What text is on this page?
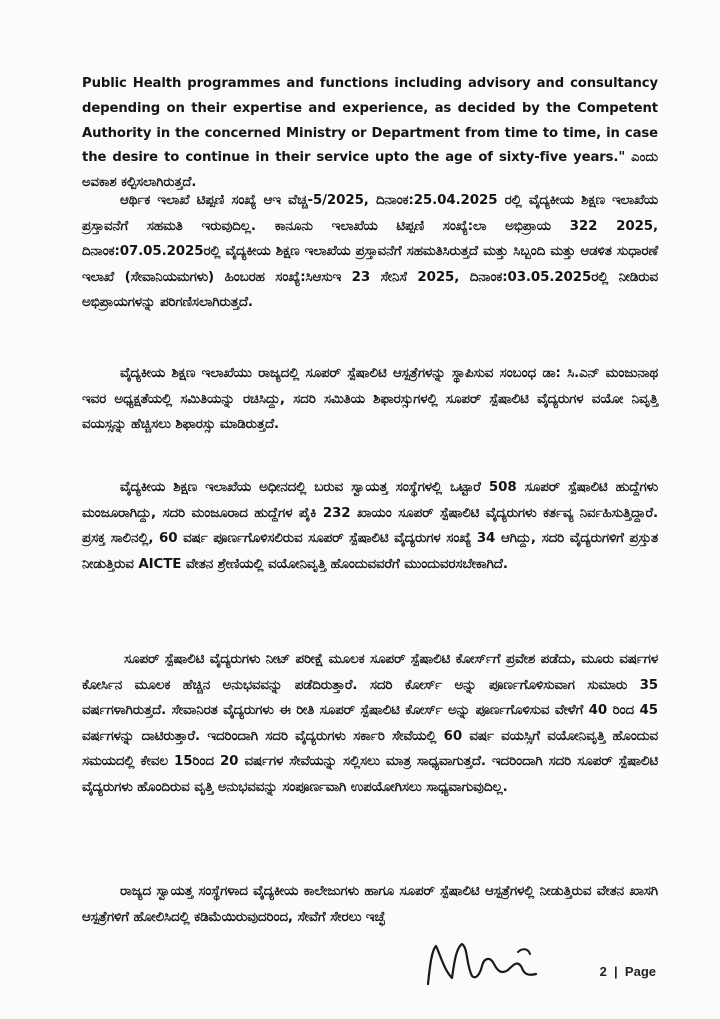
Public Health programmes and functions including advisory and consultancy depending on their expertise and experience, as decided by the Competent Authority in the concerned Ministry or Department from time to time, in case the desire to continue in their service upto the age of sixty-five years." ಎಂದು ಅವಕಾಶ ಕಲ್ಪಿಸಲಾಗಿರುತ್ತದೆ.

ಆರ್ಥಿಕ ಇಲಾಖೆ ಟಿಪ್ಪಣಿ ಸಂಖ್ಯೆ ಆಇ ವೆಚ್ಚ-5/2025, ದಿನಾಂಕ:25.04.2025 ರಲ್ಲಿ ವೈದ್ಯಕೀಯ ಶಿಕ್ಷಣ ಇಲಾಖೆಯ ಪ್ರಸ್ತಾವನೆಗೆ ಸಹಮತಿ ಇರುವುದಿಲ್ಲ. ಕಾನೂನು ಇಲಾಖೆಯ ಟಿಪ್ಪಣಿ ಸಂಖ್ಯೆ:ಲಾ ಅಭಿಪ್ರಾಯ 322 2025, ದಿನಾಂಕ:07.05.2025ರಲ್ಲಿ ವೈದ್ಯಕೀಯ ಶಿಕ್ಷಣ ಇಲಾಖೆಯ ಪ್ರಸ್ತಾವನೆಗೆ ಸಹಮತಿಸಿರುತ್ತದೆ ಮತ್ತು ಸಿಬ್ಬಂದಿ ಮತ್ತು ಆಡಳಿತ ಸುಧಾರಣೆ ಇಲಾಖೆ (ಸೇವಾನಿಯಮಗಳು) ಹಿಂಬರಹ ಸಂಖ್ಯೆ:ಸಿಆಸುಇ 23 ಸೇನಿಸೆ 2025, ದಿನಾಂಕ:03.05.2025ರಲ್ಲಿ ನೀಡಿರುವ ಅಭಿಪ್ರಾಯಗಳನ್ನು ಪರಿಗಣಿಸಲಾಗಿರುತ್ತದೆ.

ವೈದ್ಯಕೀಯ ಶಿಕ್ಷಣ ಇಲಾಖೆಯು ರಾಜ್ಯದಲ್ಲಿ ಸೂಪರ್ ಸ್ಪೆಷಾಲಿಟಿ ಆಸ್ಪತ್ರೆಗಳನ್ನು ಸ್ಥಾಪಿಸುವ ಸಂಬಂಧ ಡಾ: ಸಿ.ಎನ್ ಮಂಜುನಾಥ ಇವರ ಅಧ್ಯಕ್ಷತೆಯಲ್ಲಿ ಸಮಿತಿಯನ್ನು ರಚಿಸಿದ್ದು, ಸದರಿ ಸಮಿತಿಯ ಶಿಫಾರಸ್ಸುಗಳಲ್ಲಿ ಸೂಪರ್ ಸ್ಪೆಷಾಲಿಟಿ ವೈದ್ಯರುಗಳ ವಯೋ ನಿವೃತ್ತಿ ವಯಸ್ಸನ್ನು ಹೆಚ್ಚಿಸಲು ಶಿಫಾರಸ್ಸು ಮಾಡಿರುತ್ತದೆ.

ವೈದ್ಯಕೀಯ ಶಿಕ್ಷಣ ಇಲಾಖೆಯ ಅಧೀನದಲ್ಲಿ ಬರುವ ಸ್ವಾಯತ್ತ ಸಂಸ್ಥೆಗಳಲ್ಲಿ ಒಟ್ಟಾರೆ 508 ಸೂಪರ್ ಸ್ಪೆಷಾಲಿಟಿ ಹುದ್ದೆಗಳು ಮಂಜೂರಾಗಿದ್ದು, ಸದರಿ ಮಂಜೂರಾದ ಹುದ್ದೆಗಳ ಪೈಕಿ 232 ಖಾಯಂ ಸೂಪರ್ ಸ್ಪೆಷಾಲಿಟಿ ವೈದ್ಯರುಗಳು ಕರ್ತವ್ಯ ನಿರ್ವಹಿಸುತ್ತಿದ್ದಾರೆ. ಪ್ರಸಕ್ತ ಸಾಲಿನಲ್ಲಿ, 60 ವರ್ಷ ಪೂರ್ಣಗೊಳಿಸಲಿರುವ ಸೂಪರ್ ಸ್ಪೆಷಾಲಿಟಿ ವೈದ್ಯರುಗಳ ಸಂಖ್ಯೆ 34 ಆಗಿದ್ದು, ಸದರಿ ವೈದ್ಯರುಗಳಿಗೆ ಪ್ರಸ್ತುತ ನೀಡುತ್ತಿರುವ AICTE ವೇತನ ಶ್ರೇಣಿಯಲ್ಲಿ ವಯೋನಿವೃತ್ತಿ ಹೊಂದುವವರೆಗೆ ಮುಂದುವರಸಬೇಕಾಗಿದೆ.

ಸೂಪರ್ ಸ್ಪೆಷಾಲಿಟಿ ವೈದ್ಯರುಗಳು ನೀಟ್ ಪರೀಕ್ಷೆ ಮೂಲಕ ಸೂಪರ್ ಸ್ಪೆಷಾಲಿಟಿ ಕೋರ್ಸ್‌ಗೆ ಪ್ರವೇಶ ಪಡೆದು, ಮೂರು ವರ್ಷಗಳ ಕೋರ್ಸಿನ ಮೂಲಕ ಹೆಚ್ಚಿನ ಅನುಭವವನ್ನು ಪಡೆದಿರುತ್ತಾರೆ. ಸದರಿ ಕೋರ್ಸ್ ಅನ್ನು ಪೂರ್ಣಗೊಳಿಸುವಾಗ ಸುಮಾರು 35 ವರ್ಷಗಳಾಗಿರುತ್ತದೆ. ಸೇವಾನಿರತ ವೈದ್ಯರುಗಳು ಈ ರೀತಿ ಸೂಪರ್ ಸ್ಪೆಷಾಲಿಟಿ ಕೋರ್ಸ್ ಅನ್ನು ಪೂರ್ಣಗೊಳಿಸುವ ವೇಳೆಗೆ 40 ರಿಂದ 45 ವರ್ಷಗಳನ್ನು ದಾಟಿರುತ್ತಾರೆ. ಇದರಿಂದಾಗಿ ಸದರಿ ವೈದ್ಯರುಗಳು ಸರ್ಕಾರಿ ಸೇವೆಯಲ್ಲಿ 60 ವರ್ಷ ವಯಸ್ಸಿಗೆ ವಯೋನಿವೃತ್ತಿ ಹೊಂದುವ ಸಮಯದಲ್ಲಿ ಕೇವಲ 15ರಿಂದ 20 ವರ್ಷಗಳ ಸೇವೆಯನ್ನು ಸಲ್ಲಿಸಲು ಮಾತ್ರ ಸಾಧ್ಯವಾಗುತ್ತದೆ. ಇದರಿಂದಾಗಿ ಸದರಿ ಸೂಪರ್ ಸ್ಪೆಷಾಲಿಟಿ ವೈದ್ಯರುಗಳು ಹೊಂದಿರುವ ವೃತ್ತಿ ಅನುಭವವನ್ನು ಸಂಪೂರ್ಣವಾಗಿ ಉಪಯೋಗಿಸಲು ಸಾಧ್ಯವಾಗುವುದಿಲ್ಲ.

ರಾಜ್ಯದ ಸ್ವಾಯತ್ತ ಸಂಸ್ಥೆಗಳಾದ ವೈದ್ಯಕೀಯ ಕಾಲೇಜುಗಳು ಹಾಗೂ ಸೂಪರ್ ಸ್ಪೆಷಾಲಿಟಿ ಆಸ್ಪತ್ರೆಗಳಲ್ಲಿ ನೀಡುತ್ತಿರುವ ವೇತನ ಖಾಸಗಿ ಆಸ್ಪತ್ರೆಗಳಿಗೆ ಹೋಲಿಸಿದಲ್ಲಿ ಕಡಿಮೆಯಿರುವುದರಿಂದ, ಸೇವೆಗೆ ಸೇರಲು ಇಚ್ಛೆ

2  |  Page
